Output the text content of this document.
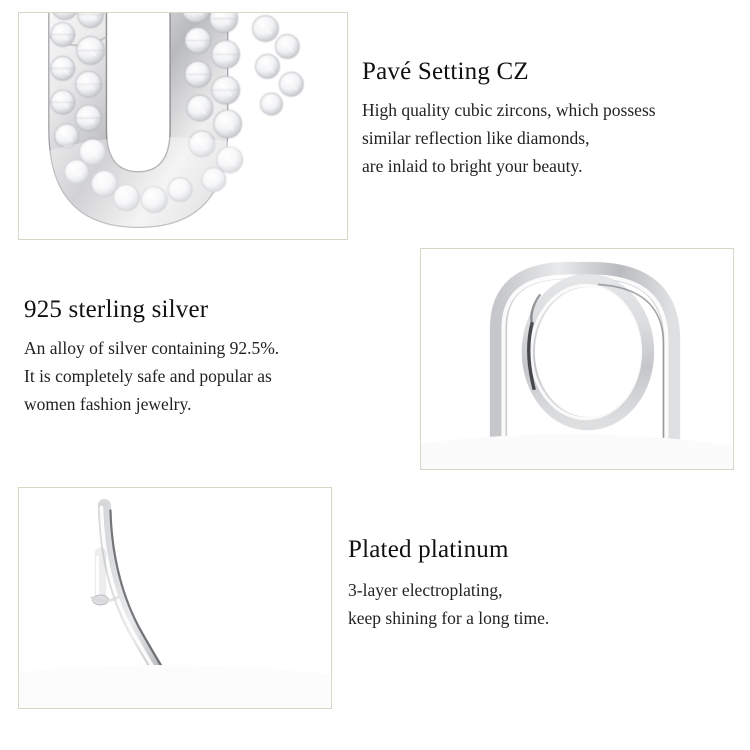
Pavé Setting CZ

High quality cubic zircons, which possess
similar reflection like diamonds,
are inlaid to bright your beauty.

925 sterling silver

An alloy of silver containing 92.5%.
It is completely safe and popular as
women fashion jewelry.

Plated platinum

3-layer electroplating,
keep shining for a long time.
